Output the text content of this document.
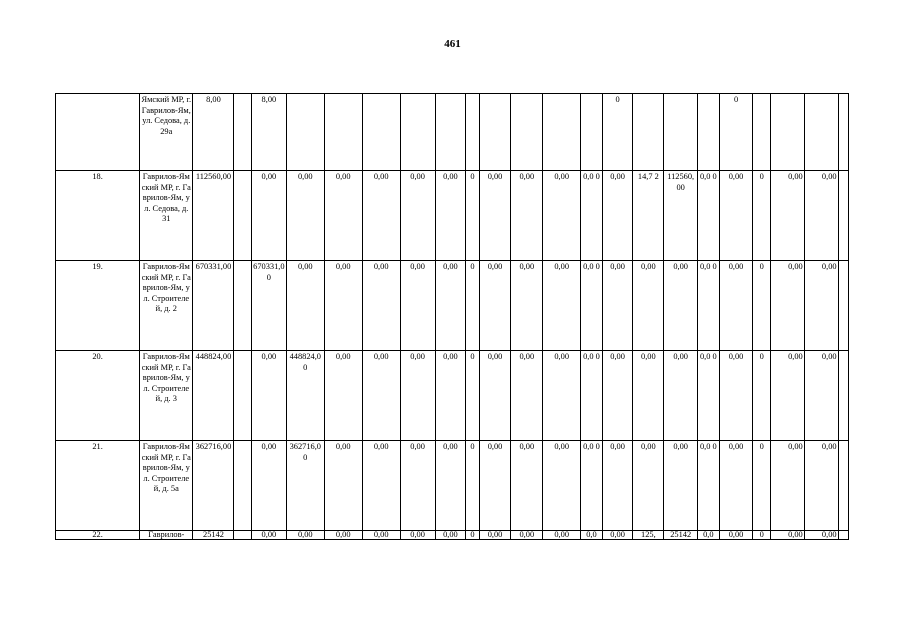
461
	Ямский МР, г. Гаврилов-Ям, ул. Седова, д. 29а	8,00		8,00											0				0				
18.	Гаврилов-Ямский МР, г. Гаврилов-Ям, ул. Седова, д. 31	112560,00		0,00	0,00	0,00	0,00	0,00	0,00	0	0,00	0,00	0,00	0,0 0	0,00	14,7 2	112560,00	0,0 0	0,00	0	0,00	0,00	
19.	Гаврилов-Ямский МР, г. Гаврилов-Ям, ул. Строителей, д. 2	670331,00		670331,00	0,00	0,00	0,00	0,00	0,00	0	0,00	0,00	0,00	0,0 0	0,00	0,00	0,00	0,0 0	0,00	0	0,00	0,00	
20.	Гаврилов-Ямский МР, г. Гаврилов-Ям, ул. Строителей, д. 3	448824,00		0,00	448824,00	0,00	0,00	0,00	0,00	0	0,00	0,00	0,00	0,0 0	0,00	0,00	0,00	0,0 0	0,00	0	0,00	0,00	
21.	Гаврилов-Ямский МР, г. Гаврилов-Ям, ул. Строителей, д. 5а	362716,00		0,00	362716,00	0,00	0,00	0,00	0,00	0	0,00	0,00	0,00	0,0 0	0,00	0,00	0,00	0,0 0	0,00	0	0,00	0,00	
22.	Гаврилов-	25142		0,00	0,00	0,00	0,00	0,00	0,00	0	0,00	0,00	0,00	0,0	0,00	125,	25142	0,0	0,00	0	0,00	0,00	
